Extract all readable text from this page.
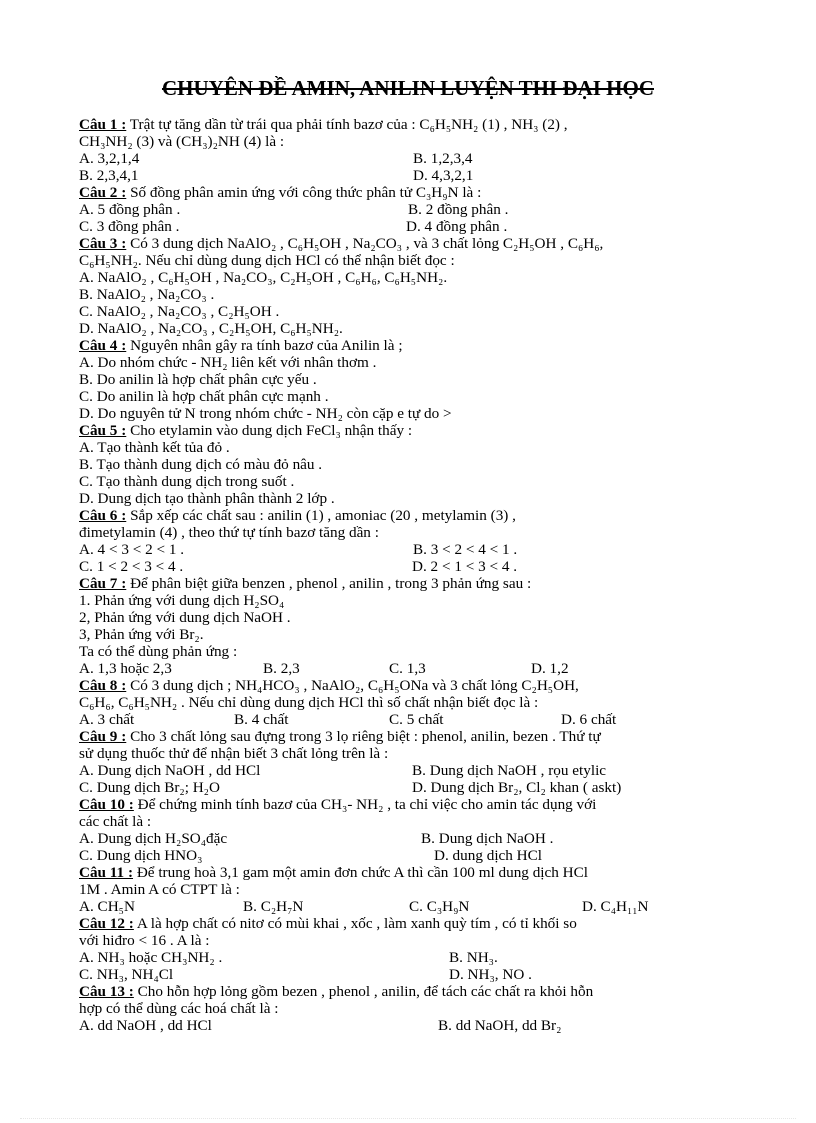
CHUYÊN ĐỀ AMIN, ANILIN LUYỆN THI ĐẠI HỌC
Câu 1 : Trật tự tăng dần từ trái qua phải tính bazơ của : C₆H₅NH₂ (1) , NH₃ (2) ,
CH₃NH₂ (3) và (CH₃)₂NH (4) là :
A. 3,2,1,4	B. 1,2,3,4
B. 2,3,4,1	D. 4,3,2,1
Câu 2 : Số đồng phân amin ứng với công thức phân tử C₃H₉N là :
A. 5 đồng phân .	B. 2 đồng phân .
C. 3 đồng phân .	D. 4 đồng phân .
Câu 3 : Có 3 dung dịch NaAlO₂ , C₆H₅OH , Na₂CO₃ , và 3 chất lỏng C₂H₅OH , C₆H₆,
C₆H₅NH₂. Nếu chỉ dùng dung dịch HCl có thể nhận biết đọc :
A. NaAlO₂ , C₆H₅OH , Na₂CO₃, C₂H₅OH , C₆H₆, C₆H₅NH₂.
B. NaAlO₂ , Na₂CO₃ .
C. NaAlO₂ , Na₂CO₃ , C₂H₅OH .
D. NaAlO₂ , Na₂CO₃ , C₂H₅OH, C₆H₅NH₂.
Câu 4 : Nguyên nhân gây ra tính bazơ của Anilin là ;
A. Do nhóm chức - NH₂ liên kết với nhân thơm .
B. Do anilin là hợp chất phân cực yếu .
C. Do anilin là hợp chất phân cực mạnh .
D. Do nguyên tử N trong nhóm chức - NH₂ còn cặp e tự do >
Câu 5 : Cho etylamin vào dung dịch FeCl₃ nhận thấy :
A. Tạo thành kết tủa đỏ .
B. Tạo thành dung dịch có màu đỏ nâu .
C. Tạo thành dung dịch trong suốt .
D. Dung dịch tạo thành phân thành 2 lớp .
Câu 6 : Sắp xếp các chất sau : anilin (1) , amoniac (20 , metylamin (3) ,
đimetylamin (4) , theo thứ tự tính bazơ tăng dần :
A. 4 < 3 < 2 < 1 .	B. 3 < 2 < 4 < 1 .
C. 1 < 2 < 3 < 4 .	D. 2 < 1 < 3 < 4 .
Câu 7 : Để phân biệt giữa benzen , phenol , anilin , trong 3 phản ứng sau :
1. Phản ứng với dung dịch H₂SO₄
2, Phản ứng với dung dịch NaOH .
3, Phản ứng với Br₂.
Ta có thể dùng phản ứng :
A. 1,3 hoặc 2,3	B. 2,3	C. 1,3	D. 1,2
Câu 8 : Có 3 dung dịch ; NH₄HCO₃ , NaAlO₂, C₆H₅ONa và 3 chất lỏng C₂H₅OH,
C₆H₆, C₆H₅NH₂ . Nếu chỉ dùng dung dịch HCl thì số chất nhận biết đọc là :
A. 3 chất	B. 4 chất	C. 5 chất	D. 6 chất
Câu 9 : Cho 3 chất lỏng sau đựng trong 3 lọ riêng biệt : phenol, anilin, bezen . Thứ tự
sử dụng thuốc thử để nhận biết 3 chất lỏng trên là :
A. Dung dịch NaOH , dd HCl	B. Dung dịch NaOH , rọu etylic
C. Dung dịch Br₂; H₂O	D. Dung dịch Br₂, Cl₂ khan ( askt)
Câu 10 : Để chứng minh tính bazơ của CH₃- NH₂ , ta chỉ việc cho amin tác dụng với
các chất là :
A. Dung dịch H₂SO₄đặc	B. Dung dịch NaOH .
C. Dung dịch HNO₃	D. dung dịch HCl
Câu 11 : Để trung hoà 3,1 gam một amin đơn chức A thì cần 100 ml dung dịch HCl
1M . Amin A có CTPT là :
A. CH₅N	B. C₂H₇N	C. C₃H₉N	D. C₄H₁₁N
Câu 12 : A là hợp chất có nitơ có mùi khai , xốc , làm xanh quỳ tím , có tỉ khối so
với hiđro < 16 . A là :
A. NH₃ hoặc CH₃NH₂ .	B. NH₃.
C. NH₃, NH₄Cl	D. NH₃, NO .
Câu 13 : Cho hỗn hợp lỏng gồm bezen , phenol , anilin, để tách các chất ra khỏi hỗn
hợp có thể dùng các hoá chất là :
A. dd NaOH , dd HCl	B. dd NaOH, dd Br₂
